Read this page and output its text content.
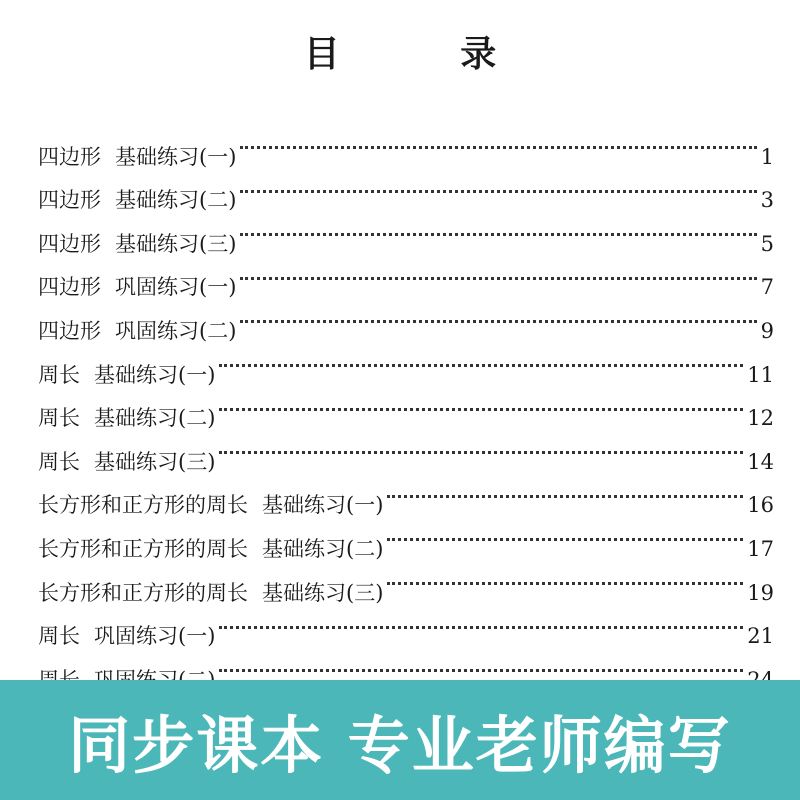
目 录
四边形 基础练习(一)	1
四边形 基础练习(二)	3
四边形 基础练习(三)	5
四边形 巩固练习(一)	7
四边形 巩固练习(二)	9
周长 基础练习(一)	11
周长 基础练习(二)	12
周长 基础练习(三)	14
长方形和正方形的周长 基础练习(一)	16
长方形和正方形的周长 基础练习(二)	17
长方形和正方形的周长 基础练习(三)	19
周长 巩固练习(一)	21
同步课本 专业老师编写
